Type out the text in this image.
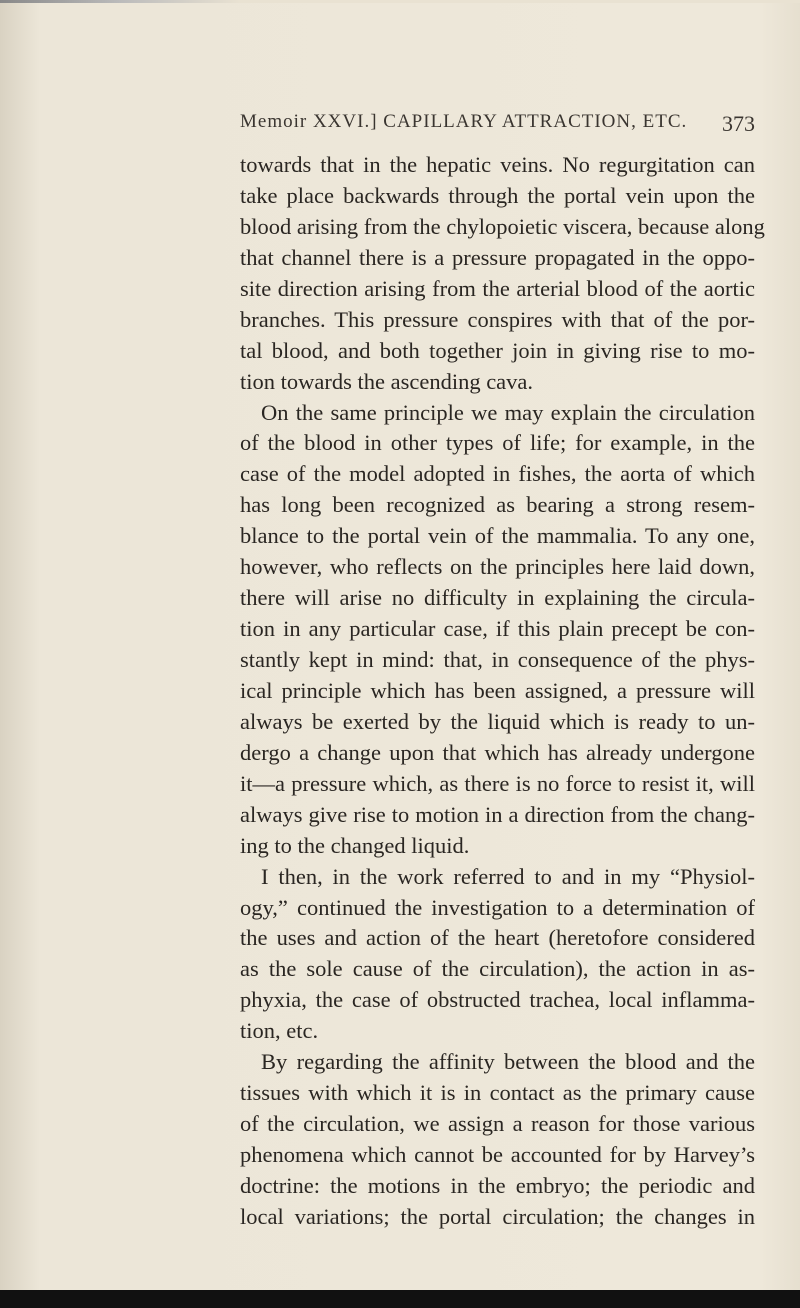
Memoir XXVI.] CAPILLARY ATTRACTION, ETC. 373
towards that in the hepatic veins. No regurgitation can
take place backwards through the portal vein upon the
blood arising from the chylopoietic viscera, because along
that channel there is a pressure propagated in the oppo-
site direction arising from the arterial blood of the aortic
branches. This pressure conspires with that of the por-
tal blood, and both together join in giving rise to mo-
tion towards the ascending cava.
On the same principle we may explain the circulation
of the blood in other types of life; for example, in the
case of the model adopted in fishes, the aorta of which
has long been recognized as bearing a strong resem-
blance to the portal vein of the mammalia. To any one,
however, who reflects on the principles here laid down,
there will arise no difficulty in explaining the circula-
tion in any particular case, if this plain precept be con-
stantly kept in mind: that, in consequence of the phys-
ical principle which has been assigned, a pressure will
always be exerted by the liquid which is ready to un-
dergo a change upon that which has already undergone
it—a pressure which, as there is no force to resist it, will
always give rise to motion in a direction from the chang-
ing to the changed liquid.
I then, in the work referred to and in my “Physiol-
ogy,” continued the investigation to a determination of
the uses and action of the heart (heretofore considered
as the sole cause of the circulation), the action in as-
phyxia, the case of obstructed trachea, local inflamma-
tion, etc.
By regarding the affinity between the blood and the
tissues with which it is in contact as the primary cause
of the circulation, we assign a reason for those various
phenomena which cannot be accounted for by Harvey’s
doctrine: the motions in the embryo; the periodic and
local variations; the portal circulation; the changes in
